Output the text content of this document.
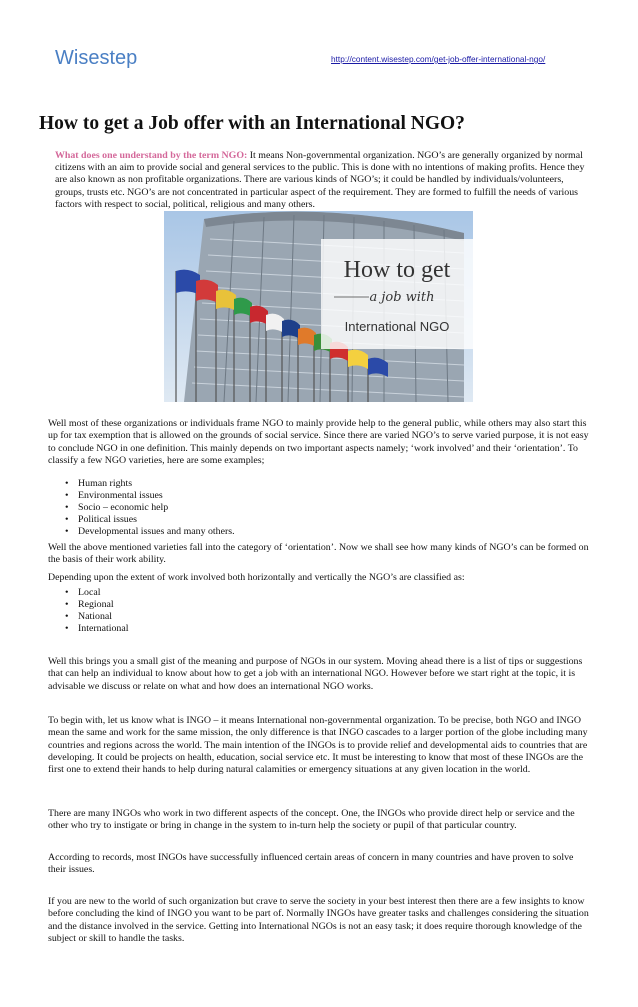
Wisestep	http://content.wisestep.com/get-job-offer-international-ngo/
How to get a Job offer with an International NGO?

What does one understand by the term NGO: It means Non-governmental organization. NGO’s are generally organized by normal citizens with an aim to provide social and general services to the public. This is done with no intentions of making profits. Hence they are also known as non profitable organizations. There are various kinds of NGO’s; it could be handled by individuals/volunteers, groups, trusts etc. NGO’s are not concentrated in particular aspect of the requirement. They are formed to fulfill the needs of various factors with respect to social, political, religious and many others.

How to get
a job with
International NGO

Well most of these organizations or individuals frame NGO to mainly provide help to the general public, while others may also start this up for tax exemption that is allowed on the grounds of social service. Since there are varied NGO’s to serve varied purpose, it is not easy to conclude NGO in one definition. This mainly depends on two important aspects namely; ‘work involved’ and their ‘orientation’. To classify a few NGO varieties, here are some examples;

• Human rights
• Environmental issues
• Socio – economic help
• Political issues
• Developmental issues and many others.

Well the above mentioned varieties fall into the category of ‘orientation’. Now we shall see how many kinds of NGO’s can be formed on the basis of their work ability.

Depending upon the extent of work involved both horizontally and vertically the NGO’s are classified as:

• Local
• Regional
• National
• International

Well this brings you a small gist of the meaning and purpose of NGOs in our system. Moving ahead there is a list of tips or suggestions that can help an individual to know about how to get a job with an international NGO. However before we start right at the topic, it is advisable we discuss or relate on what and how does an international NGO works.

To begin with, let us know what is INGO – it means International non-governmental organization. To be precise, both NGO and INGO mean the same and work for the same mission, the only difference is that INGO cascades to a larger portion of the globe including many countries and regions across the world. The main intention of the INGOs is to provide relief and developmental aids to countries that are developing. It could be projects on health, education, social service etc. It must be interesting to know that most of these INGOs are the first one to extend their hands to help during natural calamities or emergency situations at any given location in the world.

There are many INGOs who work in two different aspects of the concept. One, the INGOs who provide direct help or service and the other who try to instigate or bring in change in the system to in-turn help the society or pupil of that particular country.

According to records, most INGOs have successfully influenced certain areas of concern in many countries and have proven to solve their issues.

If you are new to the world of such organization but crave to serve the society in your best interest then there are a few insights to know before concluding the kind of INGO you want to be part of. Normally INGOs have greater tasks and challenges considering the situation and the distance involved in the service. Getting into International NGOs is not an easy task; it does require thorough knowledge of the subject or skill to handle the tasks.
